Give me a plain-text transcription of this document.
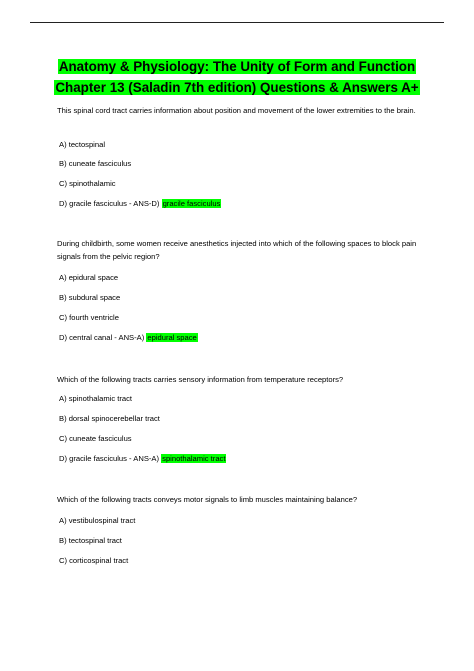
Anatomy & Physiology: The Unity of Form and Function
Chapter 13 (Saladin 7th edition) Questions & Answers A+
This spinal cord tract carries information about position and movement of the lower extremities to the brain.
A) tectospinal
B) cuneate fasciculus
C) spinothalamic
D) gracile fasciculus - ANS-D) gracile fasciculus
During childbirth, some women receive anesthetics injected into which of the following spaces to block pain signals from the pelvic region?
A) epidural space
B) subdural space
C) fourth ventricle
D) central canal - ANS-A) epidural space
Which of the following tracts carries sensory information from temperature receptors?
A) spinothalamic tract
B) dorsal spinocerebellar tract
C) cuneate fasciculus
D) gracile fasciculus - ANS-A) spinothalamic tract
Which of the following tracts conveys motor signals to limb muscles maintaining balance?
A) vestibulospinal tract
B) tectospinal tract
C) corticospinal tract
